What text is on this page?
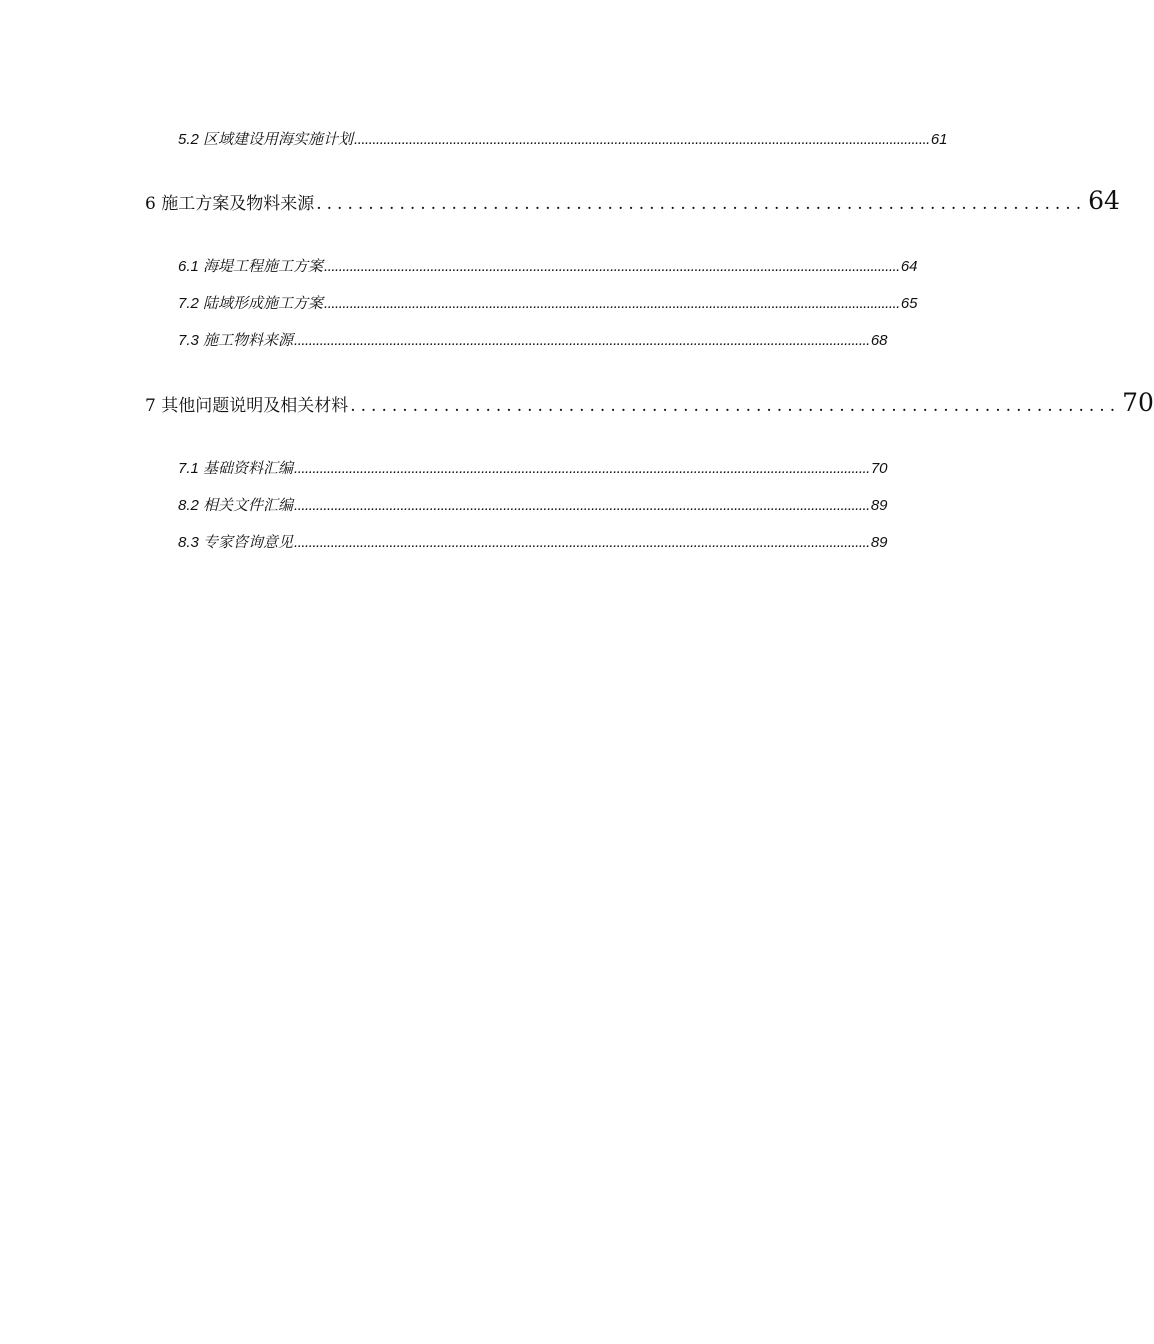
5.2 区域建设用海实施计划 ............................................................................................................................................................. 61
6 施工方案及物料来源 .......................................................................... 64
6.1 海堤工程施工方案 ............................................................................................................................................................. 64
7.2 陆域形成施工方案 ............................................................................................................................................................. 65
7.3 施工物料来源 ............................................................................................................................................................. 68
7 其他问题说明及相关材料 .......................................................................... 70
7.1 基础资料汇编 ............................................................................................................................................................. 70
8.2 相关文件汇编 ............................................................................................................................................................. 89
8.3 专家咨询意见 ............................................................................................................................................................. 89
